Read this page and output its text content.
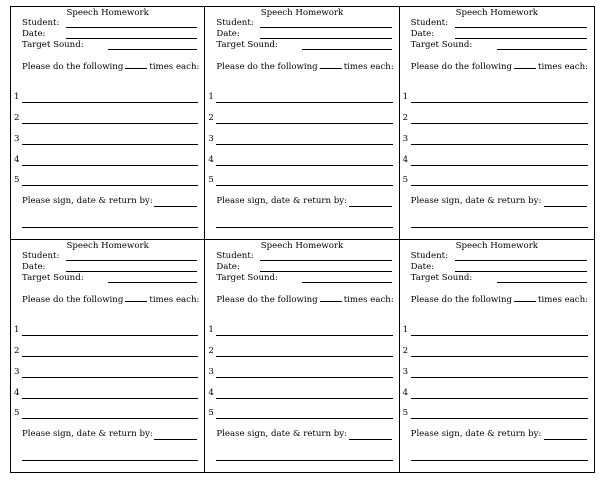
Speech Homework
Student:
Date:
Target Sound:
Please do the following	times each:
1
2
3
4
5
Please sign, date & return by:
Speech Homework
Student:
Date:
Target Sound:
Please do the following	times each:
1
2
3
4
5
Please sign, date & return by:
Speech Homework
Student:
Date:
Target Sound:
Please do the following	times each:
1
2
3
4
5
Please sign, date & return by:
Speech Homework
Student:
Date:
Target Sound:
Please do the following	times each:
1
2
3
4
5
Please sign, date & return by:
Speech Homework
Student:
Date:
Target Sound:
Please do the following	times each:
1
2
3
4
5
Please sign, date & return by:
Speech Homework
Student:
Date:
Target Sound:
Please do the following	times each:
1
2
3
4
5
Please sign, date & return by:
